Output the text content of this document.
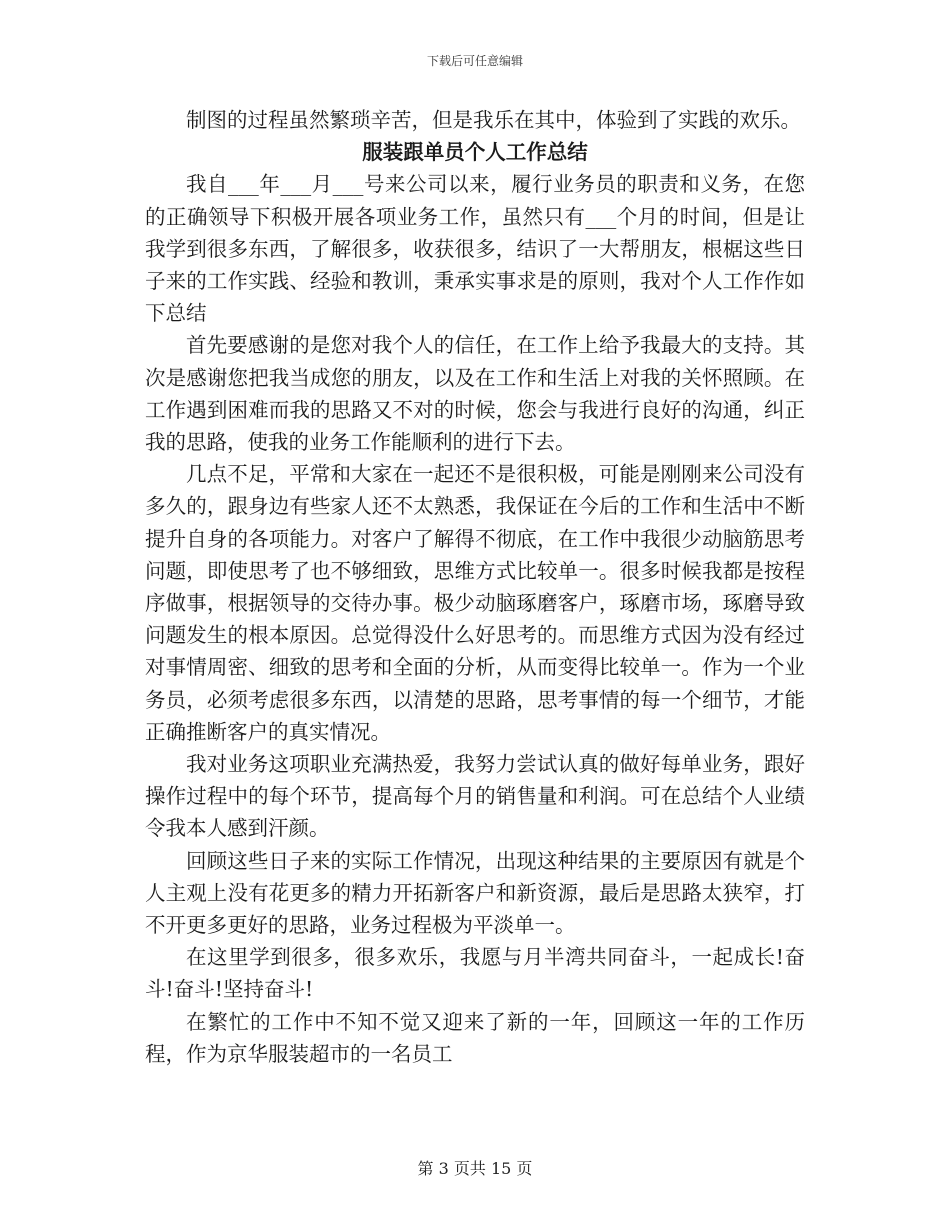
下载后可任意编辑

制图的过程虽然繁琐辛苦，但是我乐在其中，体验到了实践的欢乐。

服装跟单员个人工作总结

我自___年___月___号来公司以来，履行业务员的职责和义务，在您的正确领导下积极开展各项业务工作，虽然只有___个月的时间，但是让我学到很多东西，了解很多，收获很多，结识了一大帮朋友，根椐这些日子来的工作实践、经验和教训，秉承实事求是的原则，我对个人工作作如下总结

首先要感谢的是您对我个人的信任，在工作上给予我最大的支持。其次是感谢您把我当成您的朋友，以及在工作和生活上对我的关怀照顾。在工作遇到困难而我的思路又不对的时候，您会与我进行良好的沟通，纠正我的思路，使我的业务工作能顺利的进行下去。

几点不足，平常和大家在一起还不是很积极，可能是刚刚来公司没有多久的，跟身边有些家人还不太熟悉，我保证在今后的工作和生活中不断提升自身的各项能力。对客户了解得不彻底，在工作中我很少动脑筋思考问题，即使思考了也不够细致，思维方式比较单一。很多时候我都是按程序做事，根据领导的交待办事。极少动脑琢磨客户，琢磨市场，琢磨导致问题发生的根本原因。总觉得没什么好思考的。而思维方式因为没有经过对事情周密、细致的思考和全面的分析，从而变得比较单一。作为一个业务员，必须考虑很多东西，以清楚的思路，思考事情的每一个细节，才能正确推断客户的真实情况。

我对业务这项职业充满热爱，我努力尝试认真的做好每单业务，跟好操作过程中的每个环节，提高每个月的销售量和利润。可在总结个人业绩令我本人感到汗颜。

回顾这些日子来的实际工作情况，出现这种结果的主要原因有就是个人主观上没有花更多的精力开拓新客户和新资源，最后是思路太狭窄，打不开更多更好的思路，业务过程极为平淡单一。

在这里学到很多，很多欢乐，我愿与月半湾共同奋斗，一起成长!奋斗!奋斗!坚持奋斗!

在繁忙的工作中不知不觉又迎来了新的一年，回顾这一年的工作历程，作为京华服装超市的一名员工

第 3 页共 15 页
